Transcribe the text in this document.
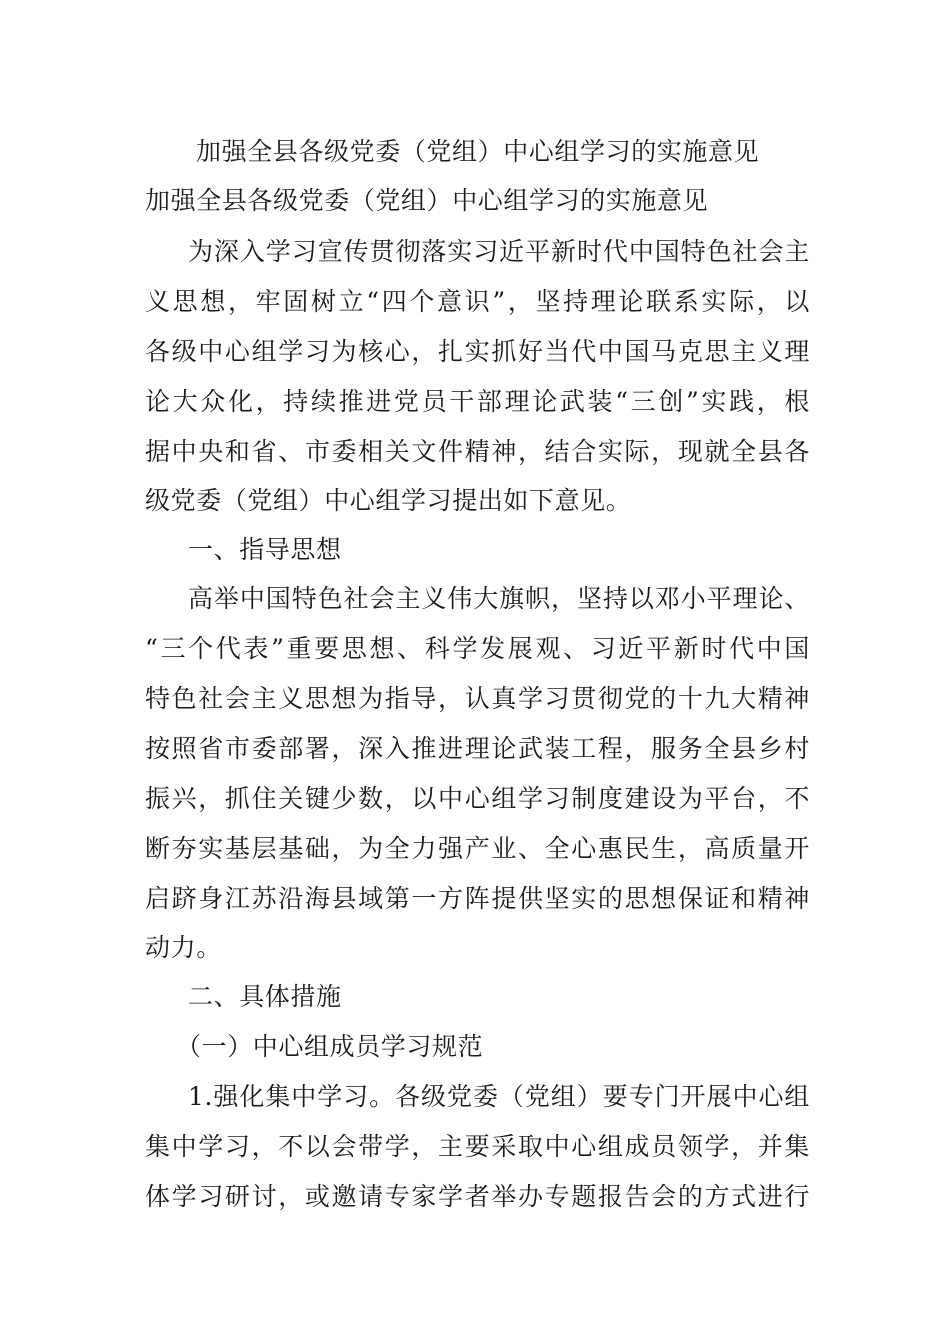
加强全县各级党委（党组）中心组学习的实施意见
加强全县各级党委（党组）中心组学习的实施意见
为深入学习宣传贯彻落实习近平新时代中国特色社会主
义思想，牢固树立“四个意识”，坚持理论联系实际，以
各级中心组学习为核心，扎实抓好当代中国马克思主义理
论大众化，持续推进党员干部理论武装“三创”实践，根
据中央和省、市委相关文件精神，结合实际，现就全县各
级党委（党组）中心组学习提出如下意见。
一、指导思想
高举中国特色社会主义伟大旗帜，坚持以邓小平理论、
“三个代表”重要思想、科学发展观、习近平新时代中国
特色社会主义思想为指导，认真学习贯彻党的十九大精神
按照省市委部署，深入推进理论武装工程，服务全县乡村
振兴，抓住关键少数，以中心组学习制度建设为平台，不
断夯实基层基础，为全力强产业、全心惠民生，高质量开
启跻身江苏沿海县域第一方阵提供坚实的思想保证和精神
动力。
二、具体措施
（一）中心组成员学习规范
1.强化集中学习。各级党委（党组）要专门开展中心组
集中学习，不以会带学，主要采取中心组成员领学，并集
体学习研讨，或邀请专家学者举办专题报告会的方式进行
